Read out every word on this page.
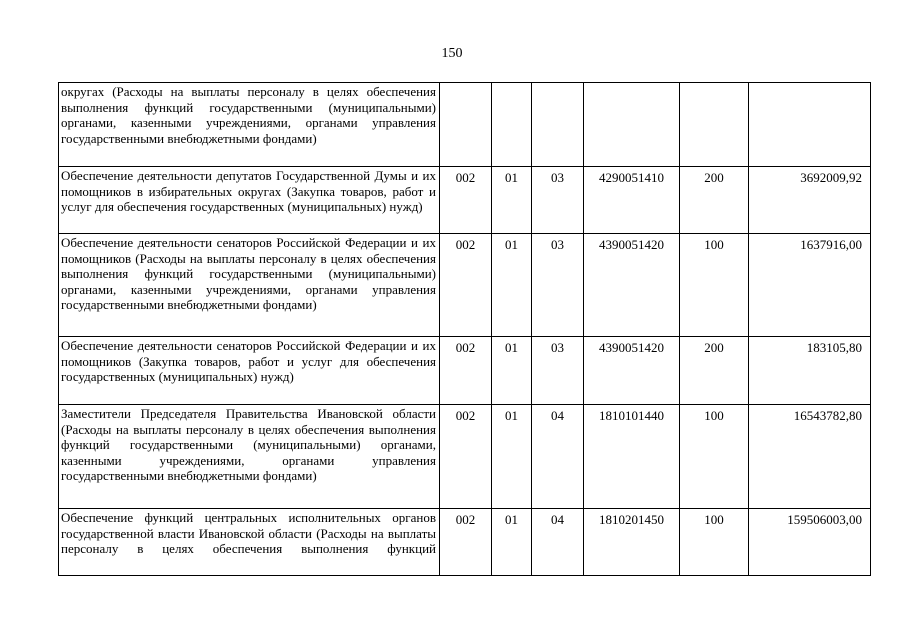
150
округах (Расходы на выплаты персоналу в целях обеспечения выполнения функций государственными (муниципальными) органами, казенными учреждениями, органами управления государственными внебюджетными фондами)						
Обеспечение деятельности депутатов Государственной Думы и их помощников в избирательных округах (Закупка товаров, работ и услуг для обеспечения государственных (муниципальных) нужд)	002	01	03	4290051410	200	3692009,92
Обеспечение деятельности сенаторов Российской Федерации и их помощников (Расходы на выплаты персоналу в целях обеспечения выполнения функций государственными (муниципальными) органами, казенными учреждениями, органами управления государственными внебюджетными фондами)	002	01	03	4390051420	100	1637916,00
Обеспечение деятельности сенаторов Российской Федерации и их помощников (Закупка товаров, работ и услуг для обеспечения государственных (муниципальных) нужд)	002	01	03	4390051420	200	183105,80
Заместители Председателя Правительства Ивановской области (Расходы на выплаты персоналу в целях обеспечения выполнения функций государственными (муниципальными) органами, казенными учреждениями, органами управления государственными внебюджетными фондами)	002	01	04	1810101440	100	16543782,80
Обеспечение функций центральных исполнительных органов государственной власти Ивановской области (Расходы на выплаты персоналу в целях обеспечения выполнения функций	002	01	04	1810201450	100	159506003,00
